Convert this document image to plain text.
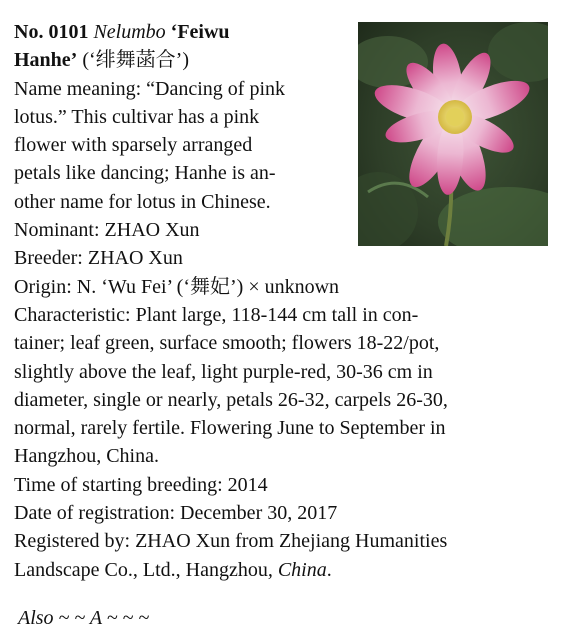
No. 0101 Nelumbo ‘Feiwu
Hanhe’ (‘绯舞菡合’)
Name meaning: “Dancing of pink
lotus.” This cultivar has a pink
flower with sparsely arranged
petals like dancing; Hanhe is an-
other name for lotus in Chinese.
Nominant: ZHAO Xun
Breeder: ZHAO Xun
Origin: N. ‘Wu Fei’ (‘舞妃’) × unknown
Characteristic: Plant large, 118-144 cm tall in con-
tainer; leaf green, surface smooth; flowers 18-22/pot,
slightly above the leaf, light purple-red, 30-36 cm in
diameter, single or nearly, petals 26-32, carpels 26-30,
normal, rarely fertile. Flowering June to September in
Hangzhou, China.
Time of starting breeding: 2014
Date of registration: December 30, 2017
Registered by: ZHAO Xun from Zhejiang Humanities
Landscape Co., Ltd., Hangzhou, China.
Also ~ ~ A ~ ~ ~
